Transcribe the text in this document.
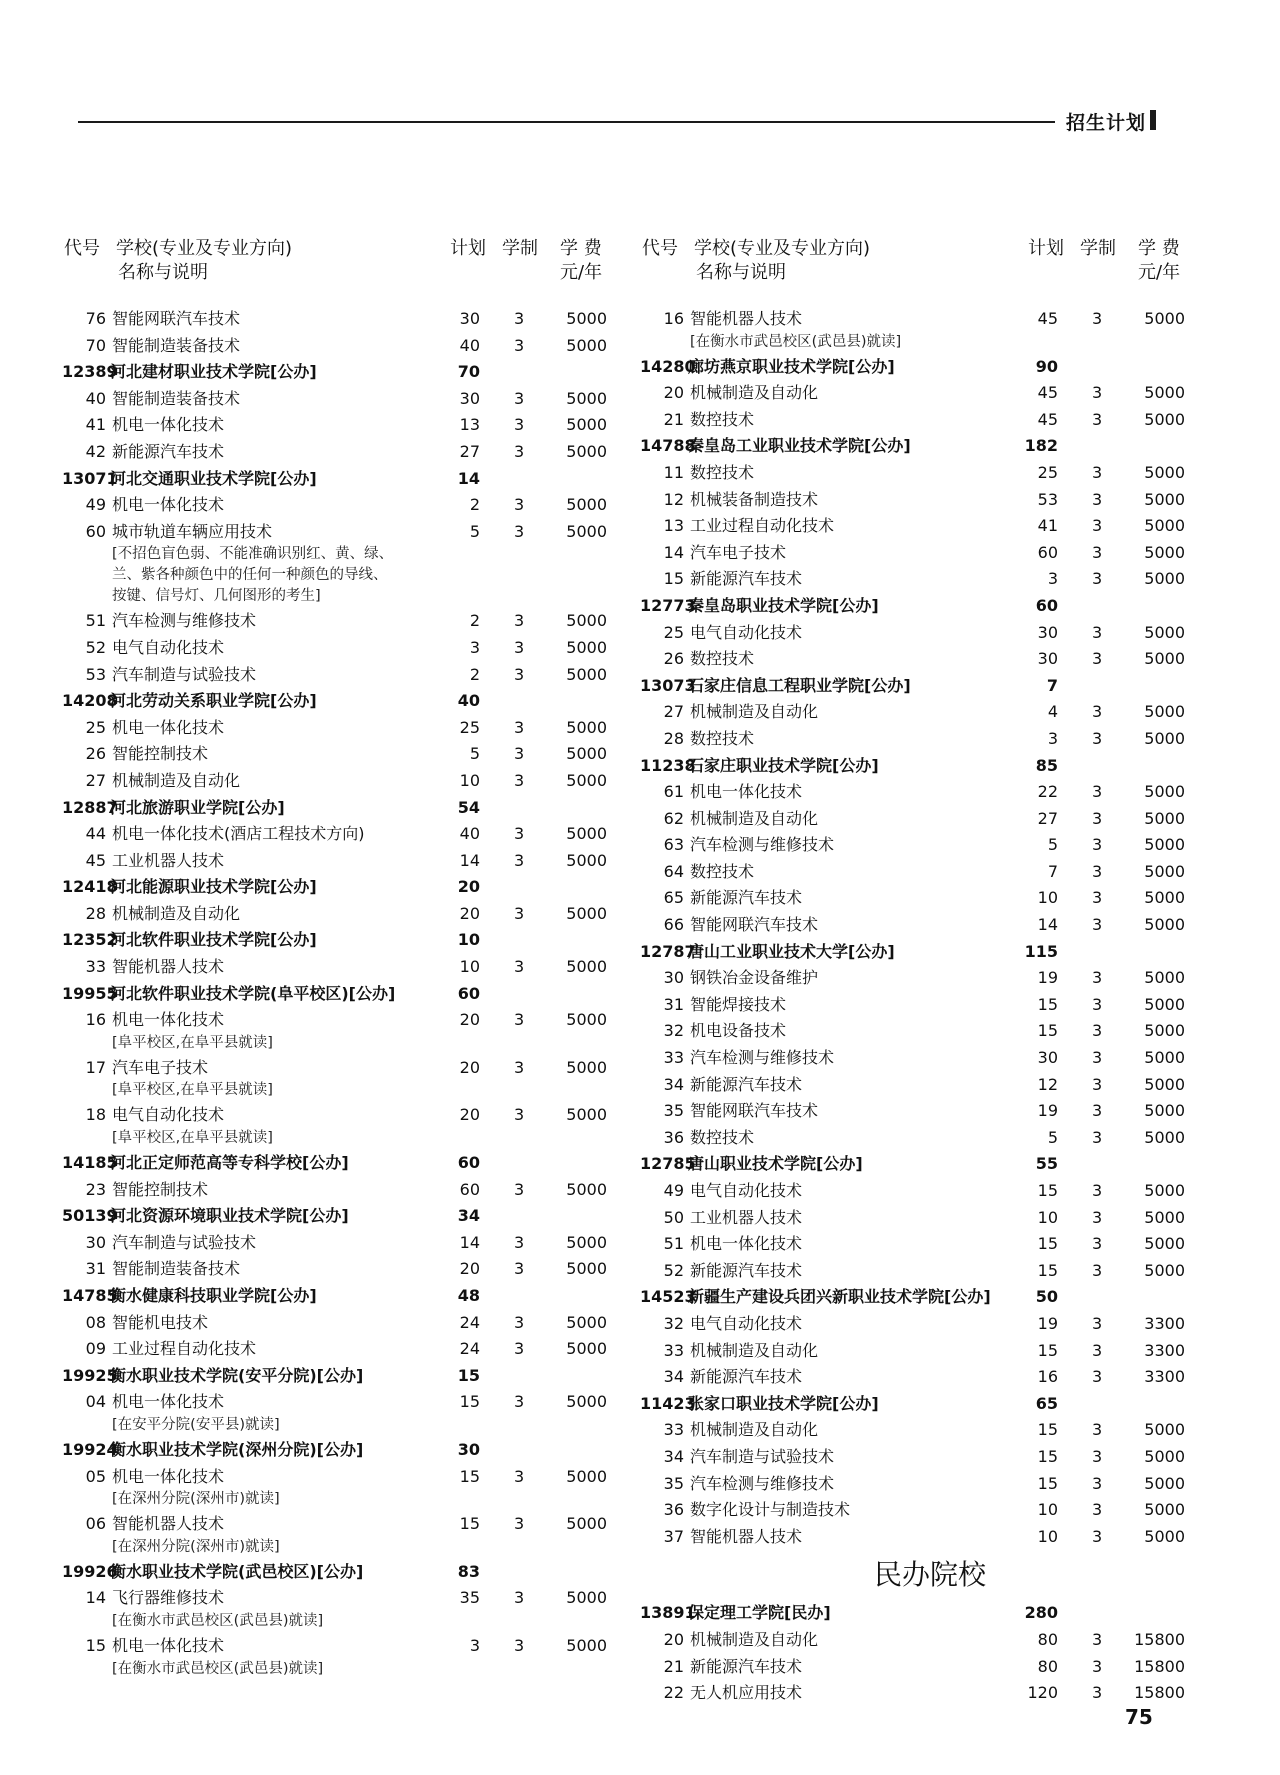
招生计划
代号 学校(专业及专业方向)
名称与说明
计划 学制 学 费
元/年
76 智能网联汽车技术	30 3	5000
70 智能制造装备技术	40 3	5000
12389
河北建材职业技术学院[公办]	70
40 智能制造装备技术	30 3	5000
41 机电一体化技术	13 3	5000
42 新能源汽车技术	27 3	5000
13071
河北交通职业技术学院[公办]	14
49 机电一体化技术	2 3	5000
60 城市轨道车辆应用技术	5 3	5000
[不招色盲色弱、不能准确识别红、黄、绿、
兰、紫各种颜色中的任何一种颜色的导线、
按键、信号灯、几何图形的考生]
51 汽车检测与维修技术	2 3	5000
52 电气自动化技术	3 3	5000
53 汽车制造与试验技术	2 3	5000
14208
河北劳动关系职业学院[公办]	40
25 机电一体化技术	25 3	5000
26 智能控制技术	5 3	5000
27 机械制造及自动化	10 3	5000
12887
河北旅游职业学院[公办]	54
44 机电一体化技术(酒店工程技术方向)	40 3	5000
45 工业机器人技术	14 3	5000
12418
河北能源职业技术学院[公办]	20
28 机械制造及自动化	20 3	5000
12352
河北软件职业技术学院[公办]	10
33 智能机器人技术	10 3	5000
19955
河北软件职业技术学院(阜平校区)[公办]	60
16 机电一体化技术	20 3	5000
[阜平校区,在阜平县就读]
17 汽车电子技术	20 3	5000
[阜平校区,在阜平县就读]
18 电气自动化技术	20 3	5000
[阜平校区,在阜平县就读]
14185
河北正定师范高等专科学校[公办]	60
23 智能控制技术	60 3	5000
50139
河北资源环境职业技术学院[公办]	34
30 汽车制造与试验技术	14 3	5000
31 智能制造装备技术	20 3	5000
14785
衡水健康科技职业学院[公办]	48
08 智能机电技术	24 3	5000
09 工业过程自动化技术	24 3	5000
19925
衡水职业技术学院(安平分院)[公办]	15
04 机电一体化技术	15 3	5000
[在安平分院(安平县)就读]
19924
衡水职业技术学院(深州分院)[公办]	30
05 机电一体化技术	15 3	5000
[在深州分院(深州市)就读]
06 智能机器人技术	15 3	5000
[在深州分院(深州市)就读]
19926
衡水职业技术学院(武邑校区)[公办]	83
14 飞行器维修技术	35 3	5000
[在衡水市武邑校区(武邑县)就读]
15 机电一体化技术	3 3	5000
[在衡水市武邑校区(武邑县)就读]
代号 学校(专业及专业方向)
名称与说明
计划 学制 学 费
元/年
16 智能机器人技术	45 3	5000
[在衡水市武邑校区(武邑县)就读]
14280
廊坊燕京职业技术学院[公办]	90
20 机械制造及自动化	45 3	5000
21 数控技术	45 3	5000
14788
秦皇岛工业职业技术学院[公办]	182
11 数控技术	25 3	5000
12 机械装备制造技术	53 3	5000
13 工业过程自动化技术	41 3	5000
14 汽车电子技术	60 3	5000
15 新能源汽车技术	3 3	5000
12773
秦皇岛职业技术学院[公办]	60
25 电气自动化技术	30 3	5000
26 数控技术	30 3	5000
13073
石家庄信息工程职业学院[公办]	7
27 机械制造及自动化	4 3	5000
28 数控技术	3 3	5000
11238
石家庄职业技术学院[公办]	85
61 机电一体化技术	22 3	5000
62 机械制造及自动化	27 3	5000
63 汽车检测与维修技术	5 3	5000
64 数控技术	7 3	5000
65 新能源汽车技术	10 3	5000
66 智能网联汽车技术	14 3	5000
12787
唐山工业职业技术大学[公办]	115
30 钢铁冶金设备维护	19 3	5000
31 智能焊接技术	15 3	5000
32 机电设备技术	15 3	5000
33 汽车检测与维修技术	30 3	5000
34 新能源汽车技术	12 3	5000
35 智能网联汽车技术	19 3	5000
36 数控技术	5 3	5000
12785
唐山职业技术学院[公办]	55
49 电气自动化技术	15 3	5000
50 工业机器人技术	10 3	5000
51 机电一体化技术	15 3	5000
52 新能源汽车技术	15 3	5000
14523
新疆生产建设兵团兴新职业技术学院[公办]	50
32 电气自动化技术	19 3	3300
33 机械制造及自动化	15 3	3300
34 新能源汽车技术	16 3	3300
11423
张家口职业技术学院[公办]	65
33 机械制造及自动化	15 3	5000
34 汽车制造与试验技术	15 3	5000
35 汽车检测与维修技术	15 3	5000
36 数字化设计与制造技术	10 3	5000
37 智能机器人技术	10 3	5000
民办院校
13891
保定理工学院[民办]	280
20 机械制造及自动化	80 3	15800
21 新能源汽车技术	80 3	15800
22 无人机应用技术	120 3	15800
75
